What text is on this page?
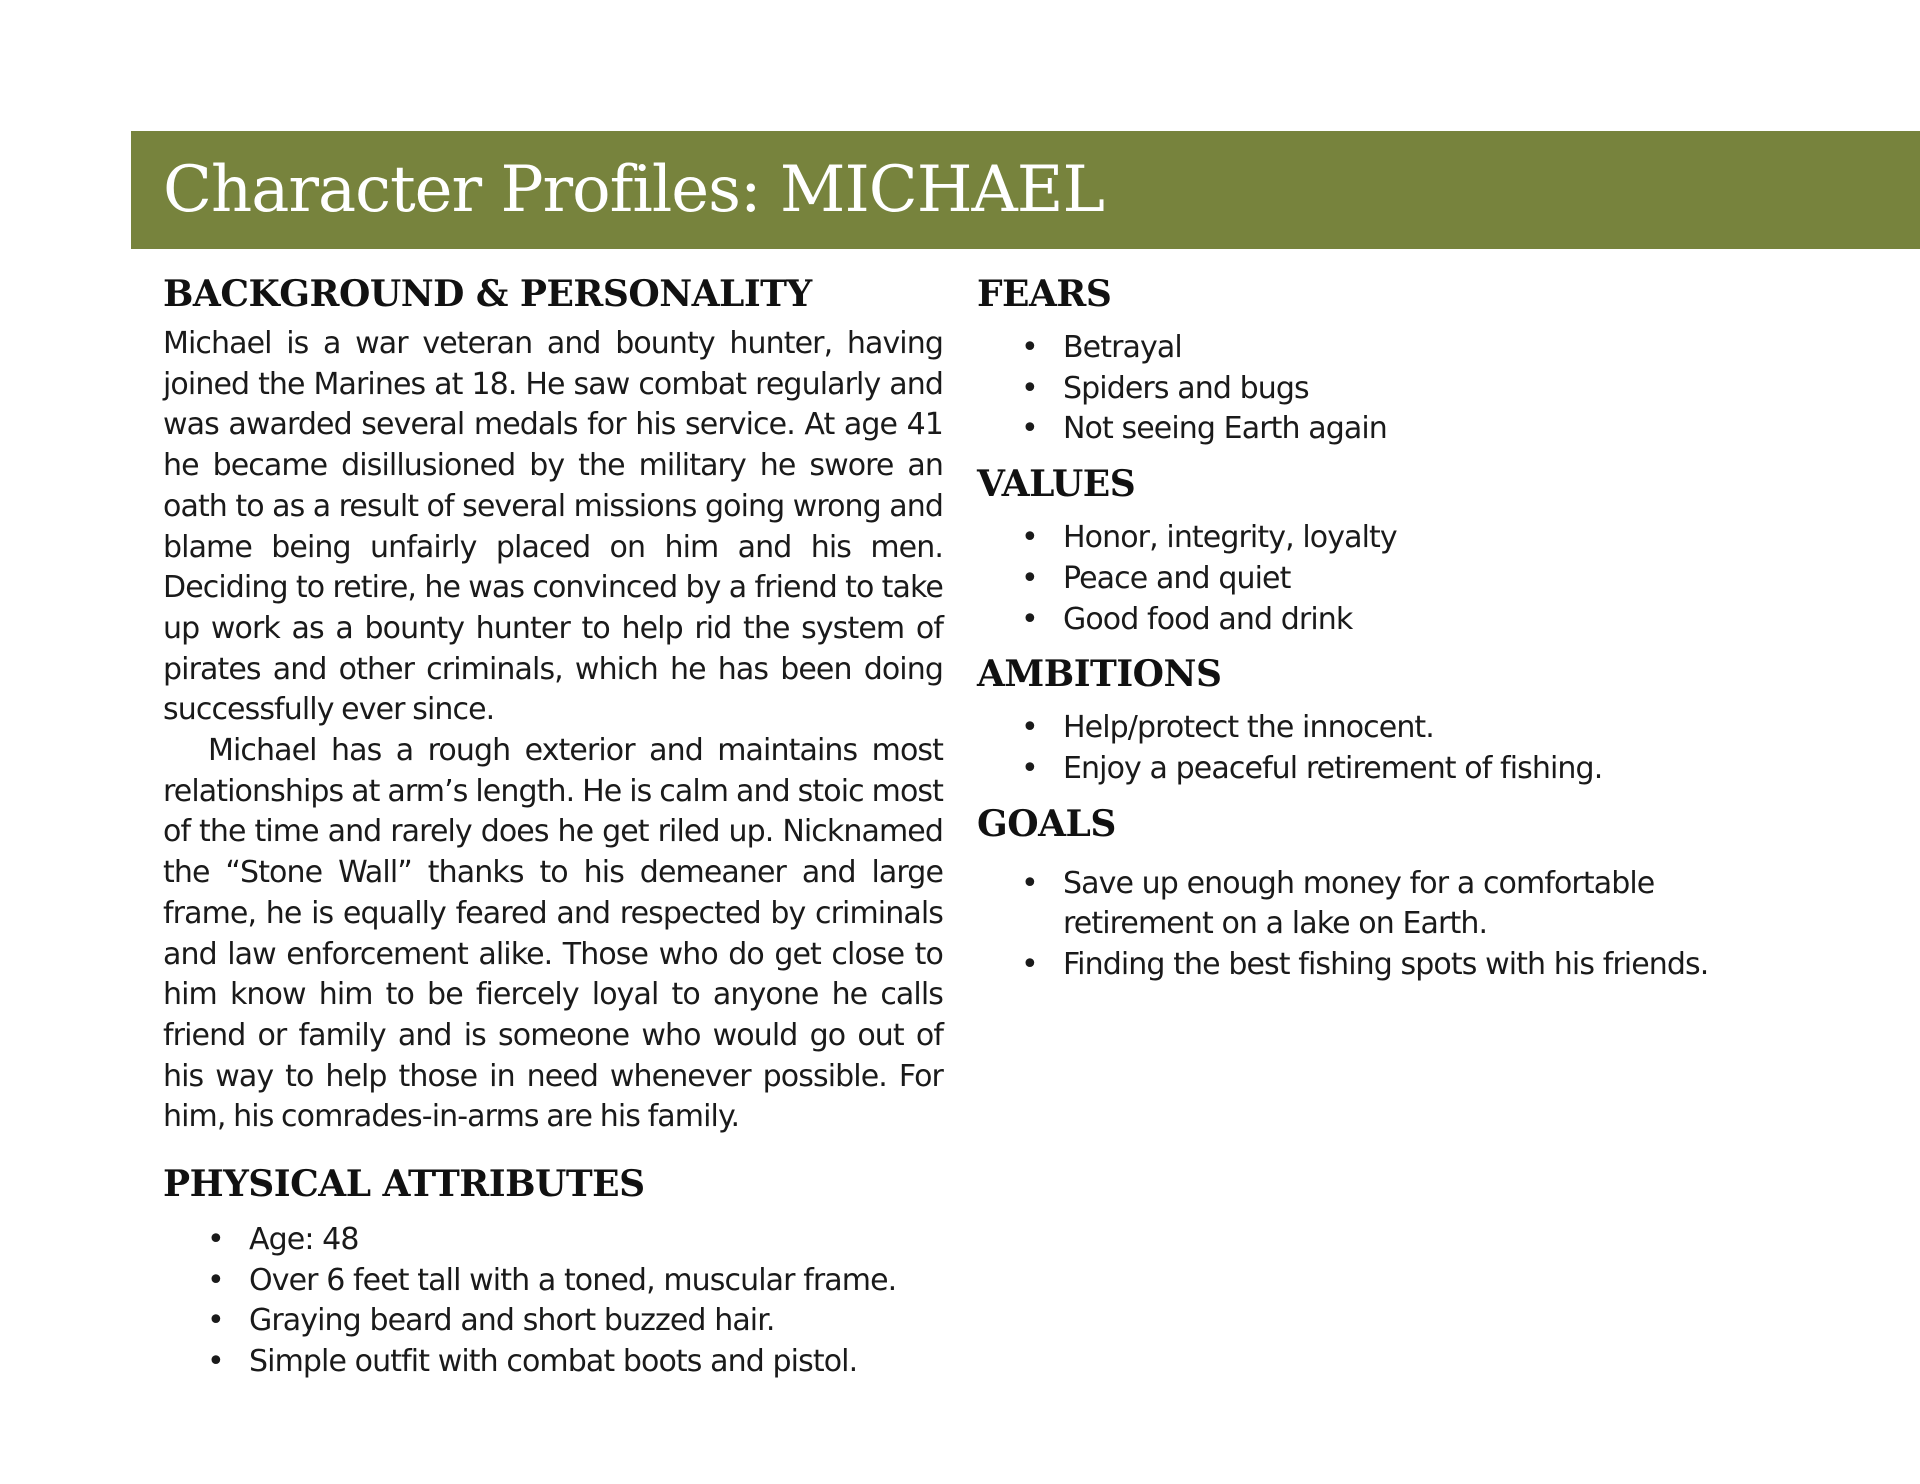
Character Profiles: MICHAEL
BACKGROUND & PERSONALITY

Michael is a war veteran and bounty hunter, having joined the Marines at 18. He saw combat regularly and was awarded several medals for his service. At age 41 he became disillusioned by the military he swore an oath to as a result of several missions going wrong and blame being unfairly placed on him and his men. Deciding to retire, he was convinced by a friend to take up work as a bounty hunter to help rid the system of pirates and other criminals, which he has been doing successfully ever since.

Michael has a rough exterior and maintains most relationships at arm’s length. He is calm and stoic most of the time and rarely does he get riled up. Nicknamed the “Stone Wall” thanks to his demeaner and large frame, he is equally feared and respected by criminals and law enforcement alike. Those who do get close to him know him to be fiercely loyal to anyone he calls friend or family and is someone who would go out of his way to help those in need whenever possible. For him, his comrades-in-arms are his family.

PHYSICAL ATTRIBUTES
• Age: 48
• Over 6 feet tall with a toned, muscular frame.
• Graying beard and short buzzed hair.
• Simple outfit with combat boots and pistol.
FEARS
• Betrayal
• Spiders and bugs
• Not seeing Earth again
VALUES
• Honor, integrity, loyalty
• Peace and quiet
• Good food and drink
AMBITIONS
• Help/protect the innocent.
• Enjoy a peaceful retirement of fishing.
GOALS
• Save up enough money for a comfortable retirement on a lake on Earth.
• Finding the best fishing spots with his friends.
